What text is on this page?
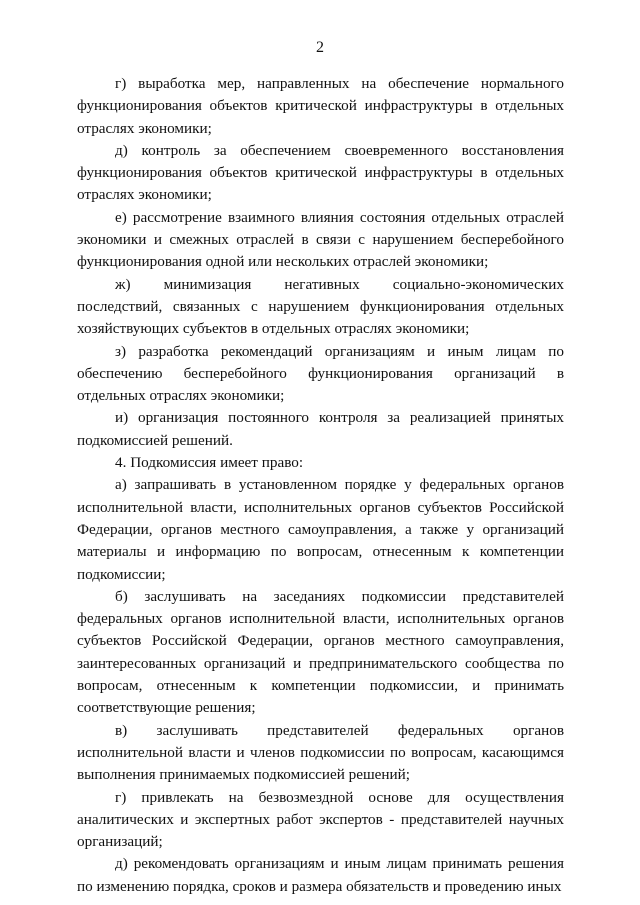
2

г) выработка мер, направленных на обеспечение нормального функционирования объектов критической инфраструктуры в отдельных отраслях экономики;

д) контроль за обеспечением своевременного восстановления функционирования объектов критической инфраструктуры в отдельных отраслях экономики;

е) рассмотрение взаимного влияния состояния отдельных отраслей экономики и смежных отраслей в связи с нарушением бесперебойного функционирования одной или нескольких отраслей экономики;

ж) минимизация негативных социально-экономических последствий, связанных с нарушением функционирования отдельных хозяйствующих субъектов в отдельных отраслях экономики;

з) разработка рекомендаций организациям и иным лицам по обеспечению бесперебойного функционирования организаций в отдельных отраслях экономики;

и) организация постоянного контроля за реализацией принятых подкомиссией решений.

4. Подкомиссия имеет право:

а) запрашивать в установленном порядке у федеральных органов исполнительной власти, исполнительных органов субъектов Российской Федерации, органов местного самоуправления, а также у организаций материалы и информацию по вопросам, отнесенным к компетенции подкомиссии;

б) заслушивать на заседаниях подкомиссии представителей федеральных органов исполнительной власти, исполнительных органов субъектов Российской Федерации, органов местного самоуправления, заинтересованных организаций и предпринимательского сообщества по вопросам, отнесенным к компетенции подкомиссии, и принимать соответствующие решения;

в) заслушивать представителей федеральных органов исполнительной власти и членов подкомиссии по вопросам, касающимся выполнения принимаемых подкомиссией решений;

г) привлекать на безвозмездной основе для осуществления аналитических и экспертных работ экспертов - представителей научных организаций;

д) рекомендовать организациям и иным лицам принимать решения по изменению порядка, сроков и размера обязательств и проведению иных
